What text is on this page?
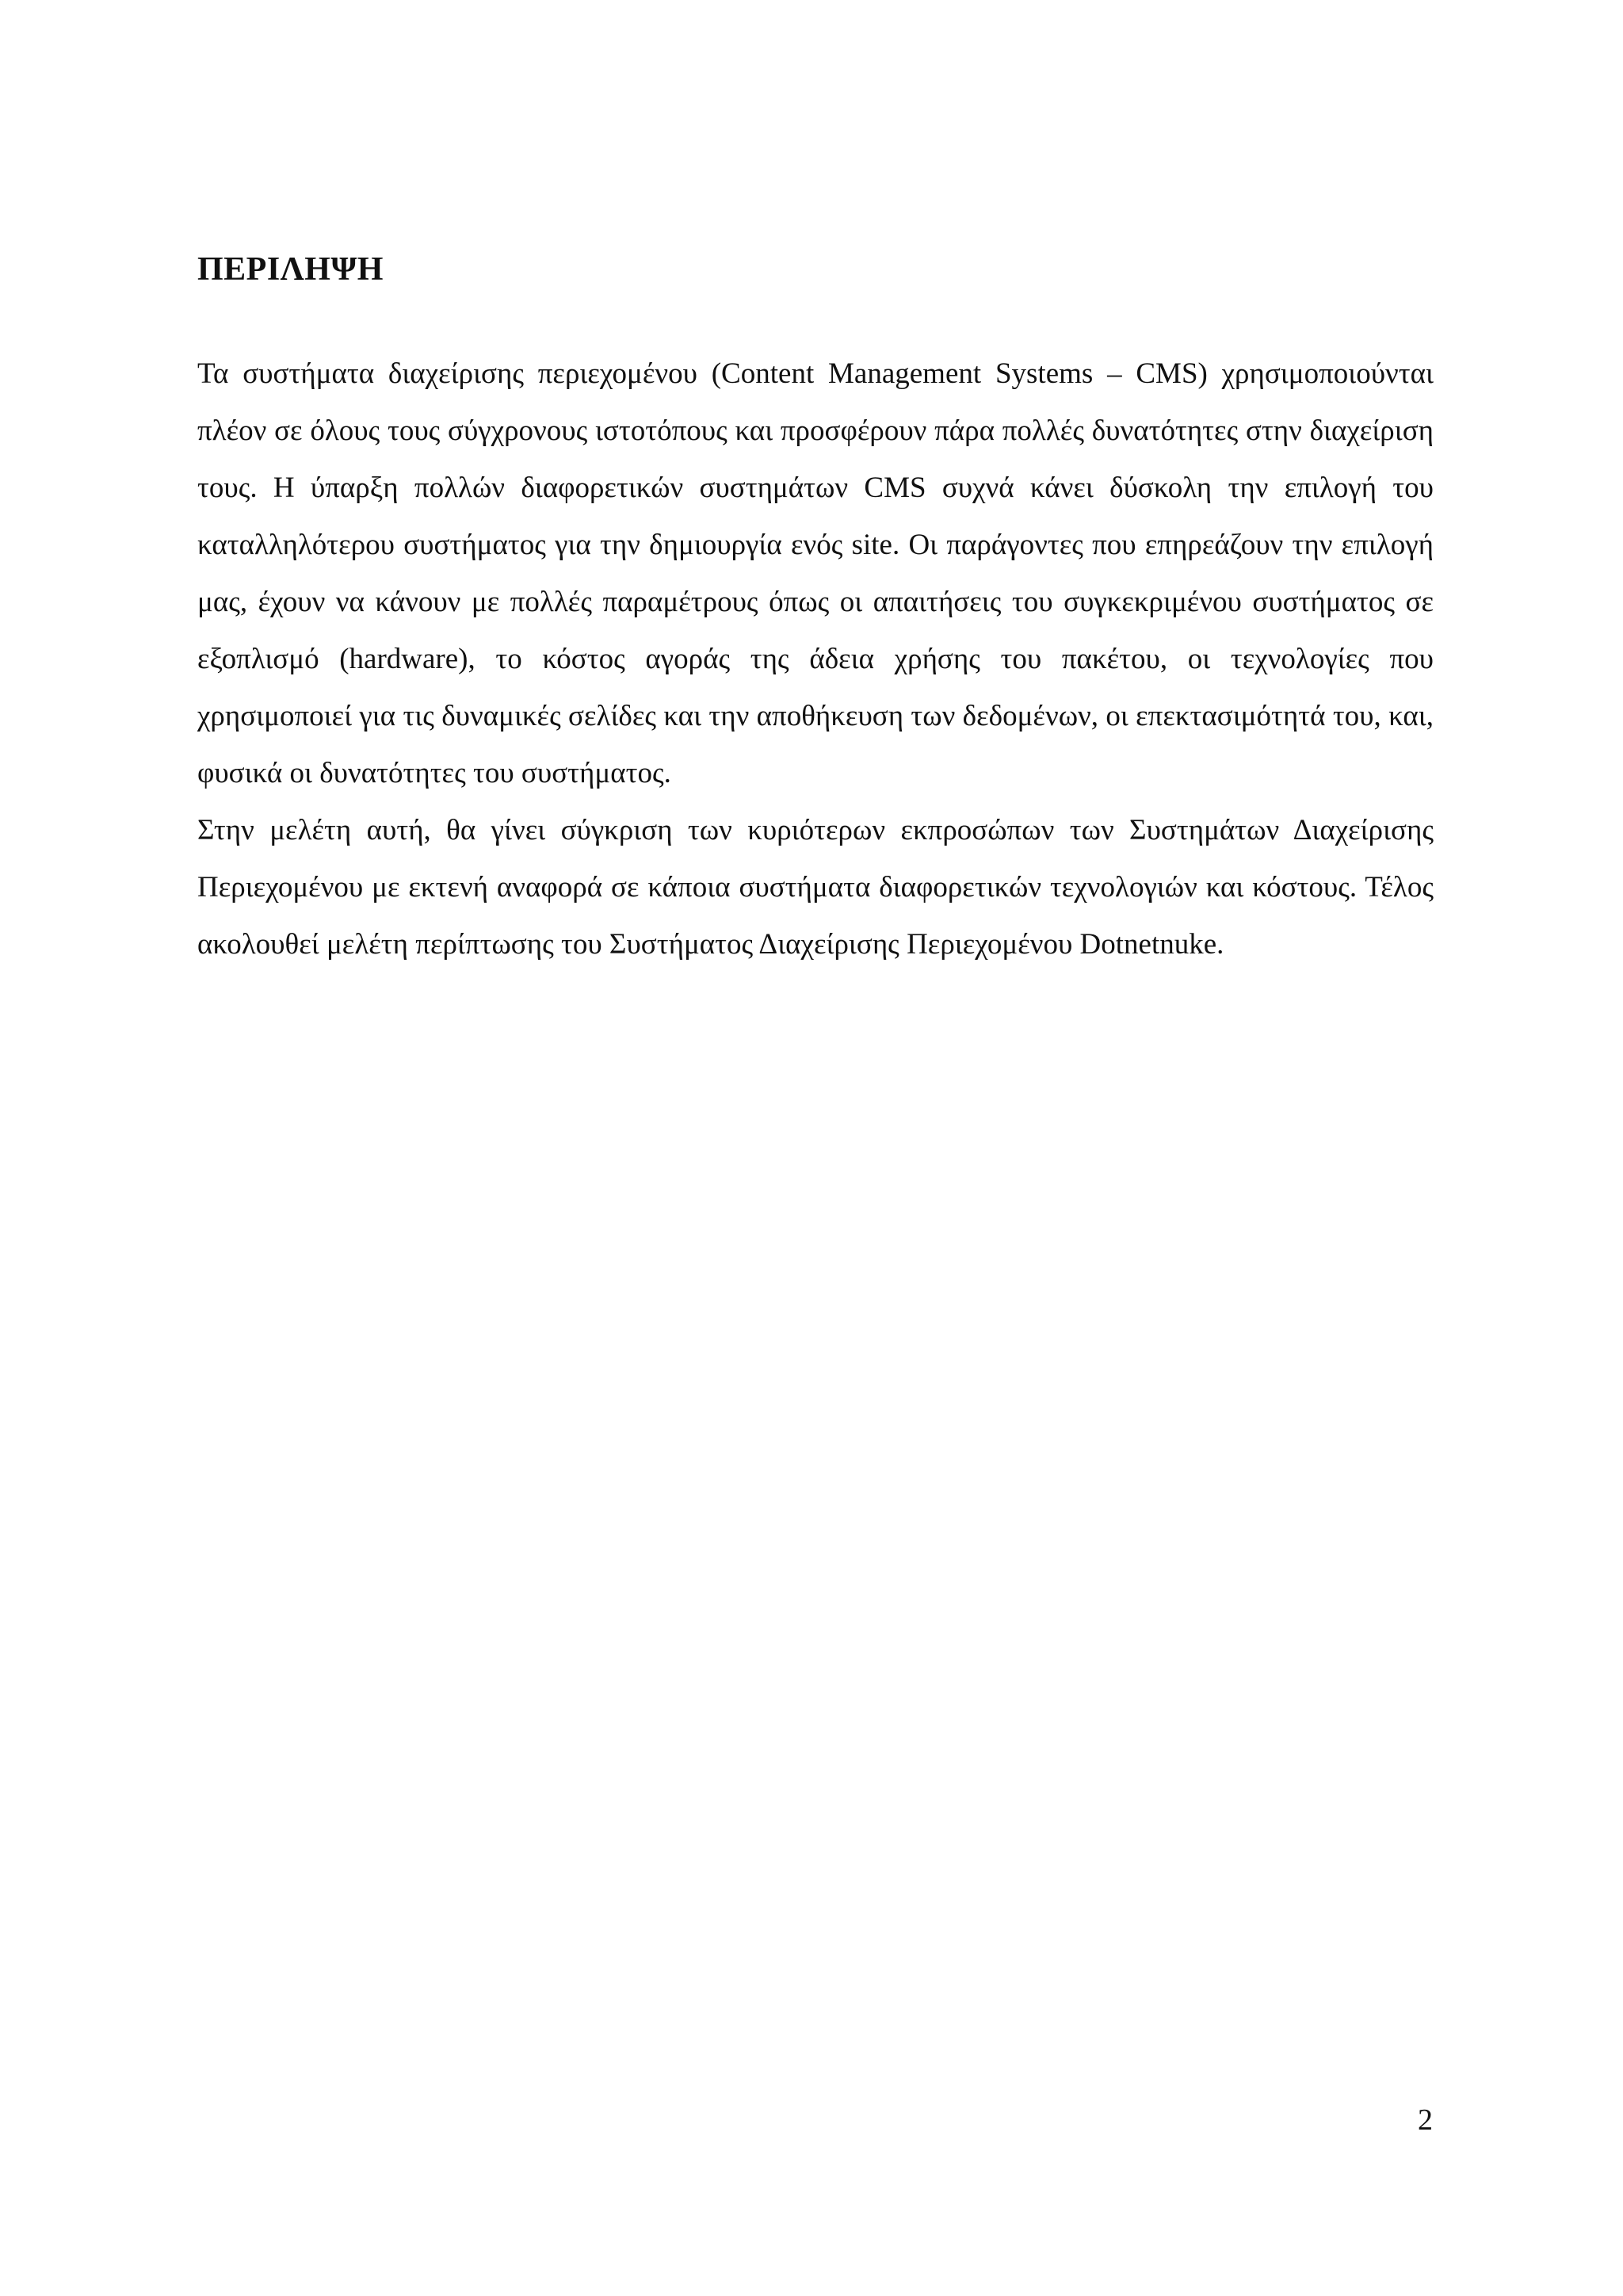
ΠΕΡΙΛΗΨΗ

Τα συστήματα διαχείρισης περιεχομένου (Content Management Systems – CMS) χρησιμοποιούνται πλέον σε όλους τους σύγχρονους ιστοτόπους και προσφέρουν πάρα πολλές δυνατότητες στην διαχείριση τους. Η ύπαρξη πολλών διαφορετικών συστημάτων CMS συχνά κάνει δύσκολη την επιλογή του καταλληλότερου συστήματος για την δημιουργία ενός site. Οι παράγοντες που επηρεάζουν την επιλογή μας, έχουν να κάνουν με πολλές παραμέτρους όπως οι απαιτήσεις του συγκεκριμένου συστήματος σε εξοπλισμό (hardware), το κόστος αγοράς της άδεια χρήσης του πακέτου, οι τεχνολογίες που χρησιμοποιεί για τις δυναμικές σελίδες και την αποθήκευση των δεδομένων, οι επεκτασιμότητά του, και, φυσικά οι δυνατότητες του συστήματος.

Στην μελέτη αυτή, θα γίνει σύγκριση των κυριότερων εκπροσώπων των Συστημάτων Διαχείρισης Περιεχομένου με εκτενή αναφορά σε κάποια συστήματα διαφορετικών τεχνολογιών και κόστους. Τέλος ακολουθεί μελέτη περίπτωσης του Συστήματος Διαχείρισης Περιεχομένου Dotnetnuke.

2
